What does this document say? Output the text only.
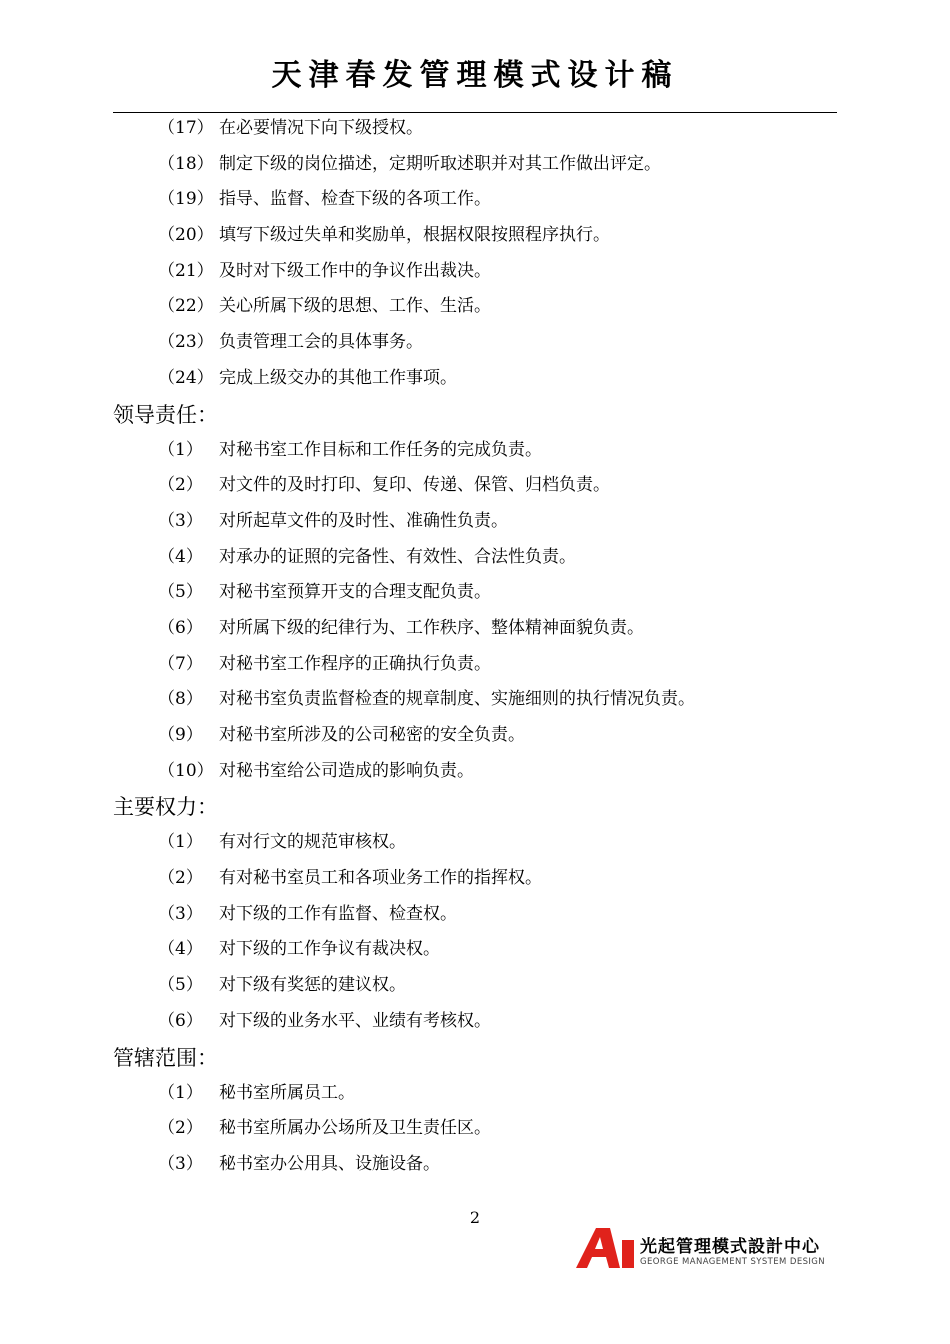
天津春发管理模式设计稿
（17） 在必要情况下向下级授权。
（18） 制定下级的岗位描述，定期听取述职并对其工作做出评定。
（19） 指导、监督、检查下级的各项工作。
（20） 填写下级过失单和奖励单，根据权限按照程序执行。
（21） 及时对下级工作中的争议作出裁决。
（22） 关心所属下级的思想、工作、生活。
（23） 负责管理工会的具体事务。
（24） 完成上级交办的其他工作事项。
领导责任：
（1） 对秘书室工作目标和工作任务的完成负责。
（2） 对文件的及时打印、复印、传递、保管、归档负责。
（3） 对所起草文件的及时性、准确性负责。
（4） 对承办的证照的完备性、有效性、合法性负责。
（5） 对秘书室预算开支的合理支配负责。
（6） 对所属下级的纪律行为、工作秩序、整体精神面貌负责。
（7） 对秘书室工作程序的正确执行负责。
（8） 对秘书室负责监督检查的规章制度、实施细则的执行情况负责。
（9） 对秘书室所涉及的公司秘密的安全负责。
（10） 对秘书室给公司造成的影响负责。
主要权力：
（1） 有对行文的规范审核权。
（2） 有对秘书室员工和各项业务工作的指挥权。
（3） 对下级的工作有监督、检查权。
（4） 对下级的工作争议有裁决权。
（5） 对下级有奖惩的建议权。
（6） 对下级的业务水平、业绩有考核权。
管辖范围：
（1） 秘书室所属员工。
（2） 秘书室所属办公场所及卫生责任区。
（3） 秘书室办公用具、设施设备。
2
光起管理模式設計中心
GEORGE MANAGEMENT SYSTEM DESIGN
